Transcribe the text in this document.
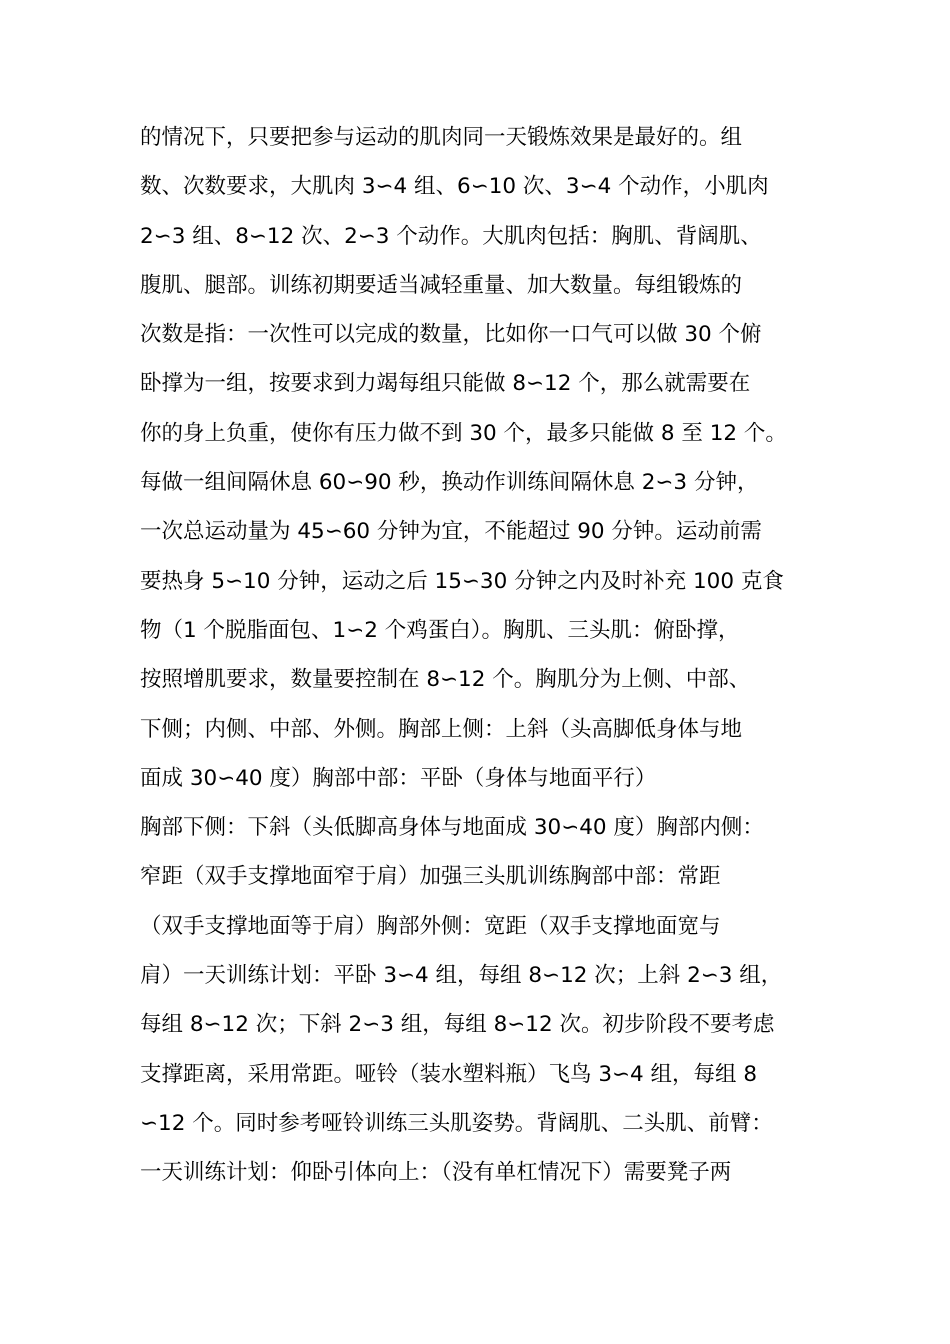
的情况下，只要把参与运动的肌肉同一天锻炼效果是最好的。组
数、次数要求，大肌肉 3∽4 组、6∽10 次、3∽4 个动作，小肌肉
2∽3 组、8∽12 次、2∽3 个动作。大肌肉包括：胸肌、背阔肌、
腹肌、腿部。训练初期要适当减轻重量、加大数量。每组锻炼的
次数是指：一次性可以完成的数量，比如你一口气可以做 30 个俯
卧撑为一组，按要求到力竭每组只能做 8∽12 个，那么就需要在
你的身上负重，使你有压力做不到 30 个，最多只能做 8 至 12 个。
每做一组间隔休息 60∽90 秒，换动作训练间隔休息 2∽3 分钟，
一次总运动量为 45∽60 分钟为宜，不能超过 90 分钟。运动前需
要热身 5∽10 分钟，运动之后 15∽30 分钟之内及时补充 100 克食
物（1 个脱脂面包、1∽2 个鸡蛋白）。胸肌、三头肌：俯卧撑，
按照增肌要求，数量要控制在 8∽12 个。胸肌分为上侧、中部、
下侧；内侧、中部、外侧。胸部上侧：上斜（头高脚低身体与地
面成 30∽40 度）胸部中部：平卧（身体与地面平行）
胸部下侧：下斜（头低脚高身体与地面成 30∽40 度）胸部内侧：
窄距（双手支撑地面窄于肩）加强三头肌训练胸部中部：常距
（双手支撑地面等于肩）胸部外侧：宽距（双手支撑地面宽与
肩）一天训练计划：平卧 3∽4 组，每组 8∽12 次；上斜 2∽3 组，
每组 8∽12 次；下斜 2∽3 组，每组 8∽12 次。初步阶段不要考虑
支撑距离，采用常距。哑铃（装水塑料瓶）飞鸟 3∽4 组，每组 8
∽12 个。同时参考哑铃训练三头肌姿势。背阔肌、二头肌、前臂：
一天训练计划：仰卧引体向上：（没有单杠情况下）需要凳子两
